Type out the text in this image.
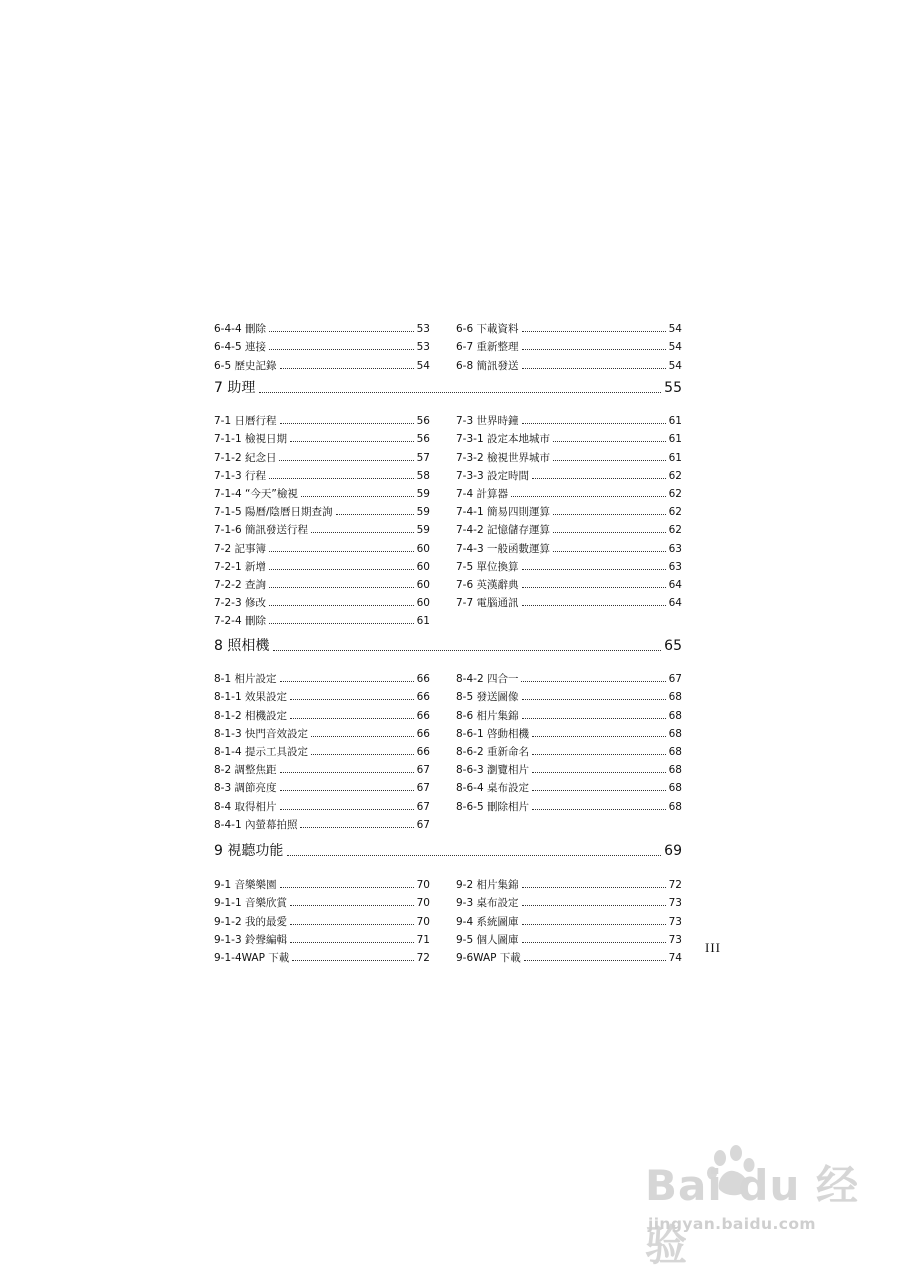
6-4-4 刪除	53
6-4-5 連接	53
6-5 歷史記錄	54
6-6 下載資料	54
6-7 重新整理	54
6-8 簡訊發送	54
7 助理	55
7-1 日曆行程	56
7-1-1 檢視日期	56
7-1-2 紀念日	57
7-1-3 行程	58
7-1-4 “今天”檢視	59
7-1-5 陽曆/陰曆日期查詢	59
7-1-6 簡訊發送行程	59
7-2 記事簿	60
7-2-1 新增	60
7-2-2 查詢	60
7-2-3 修改	60
7-2-4 刪除	61
7-3 世界時鐘	61
7-3-1 設定本地城市	61
7-3-2 檢視世界城市	61
7-3-3 設定時間	62
7-4 計算器	62
7-4-1 簡易四則運算	62
7-4-2 記憶儲存運算	62
7-4-3 一般函數運算	63
7-5 單位換算	63
7-6 英漢辭典	64
7-7 電腦通訊	64
8 照相機	65
8-1 相片設定	66
8-1-1 效果設定	66
8-1-2 相機設定	66
8-1-3 快門音效設定	66
8-1-4 提示工具設定	66
8-2 調整焦距	67
8-3 調節亮度	67
8-4 取得相片	67
8-4-1 內螢幕拍照	67
8-4-2 四合一	67
8-5 發送圖像	68
8-6 相片集錦	68
8-6-1 啓動相機	68
8-6-2 重新命名	68
8-6-3 瀏覽相片	68
8-6-4 桌布設定	68
8-6-5 刪除相片	68
9 視聽功能	69
9-1 音樂樂園	70
9-1-1 音樂欣賞	70
9-1-2 我的最愛	70
9-1-3 鈴聲編輯	71
9-1-4WAP 下載	72
9-2 相片集錦	72
9-3 桌布設定	73
9-4 系統圖庫	73
9-5 個人圖庫	73
9-6WAP 下載	74
III
Bai du 经验
jingyan.baidu.com
